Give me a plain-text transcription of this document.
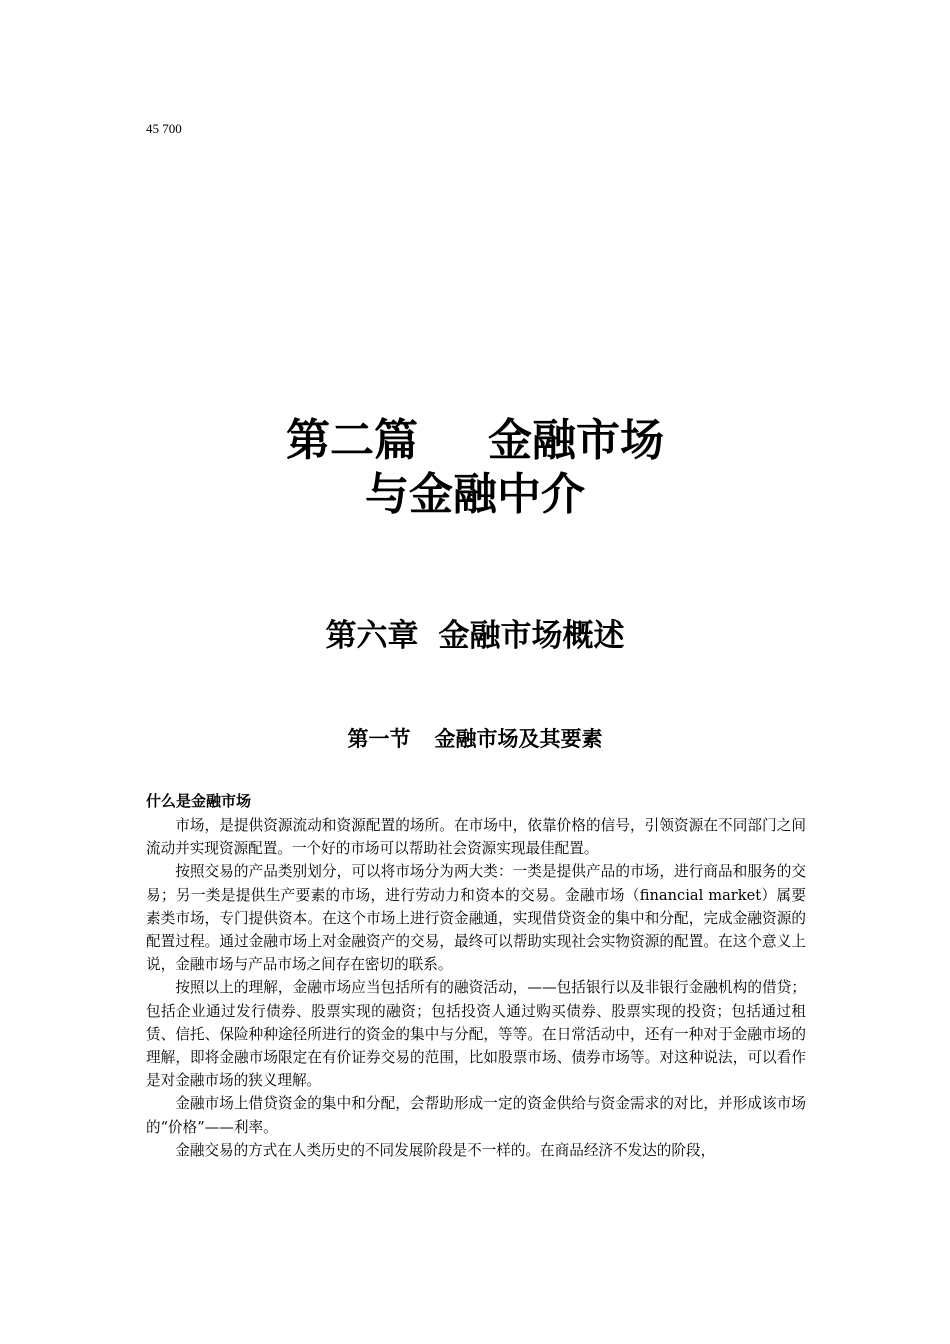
45 700
第二篇 金融市场
与金融中介
第六章 金融市场概述
第一节 金融市场及其要素
什么是金融市场

市场，是提供资源流动和资源配置的场所。在市场中，依靠价格的信号，引领资源在不同部门之间流动并实现资源配置。一个好的市场可以帮助社会资源实现最佳配置。

按照交易的产品类别划分，可以将市场分为两大类：一类是提供产品的市场，进行商品和服务的交易；另一类是提供生产要素的市场，进行劳动力和资本的交易。金融市场（financial market）属要素类市场，专门提供资本。在这个市场上进行资金融通，实现借贷资金的集中和分配，完成金融资源的配置过程。通过金融市场上对金融资产的交易，最终可以帮助实现社会实物资源的配置。在这个意义上说，金融市场与产品市场之间存在密切的联系。

按照以上的理解，金融市场应当包括所有的融资活动，——包括银行以及非银行金融机构的借贷；包括企业通过发行债券、股票实现的融资；包括投资人通过购买债券、股票实现的投资；包括通过租赁、信托、保险种种途径所进行的资金的集中与分配，等等。在日常活动中，还有一种对于金融市场的理解，即将金融市场限定在有价证券交易的范围，比如股票市场、债券市场等。对这种说法，可以看作是对金融市场的狭义理解。

金融市场上借贷资金的集中和分配，会帮助形成一定的资金供给与资金需求的对比，并形成该市场的“价格”——利率。

金融交易的方式在人类历史的不同发展阶段是不一样的。在商品经济不发达的阶段，
